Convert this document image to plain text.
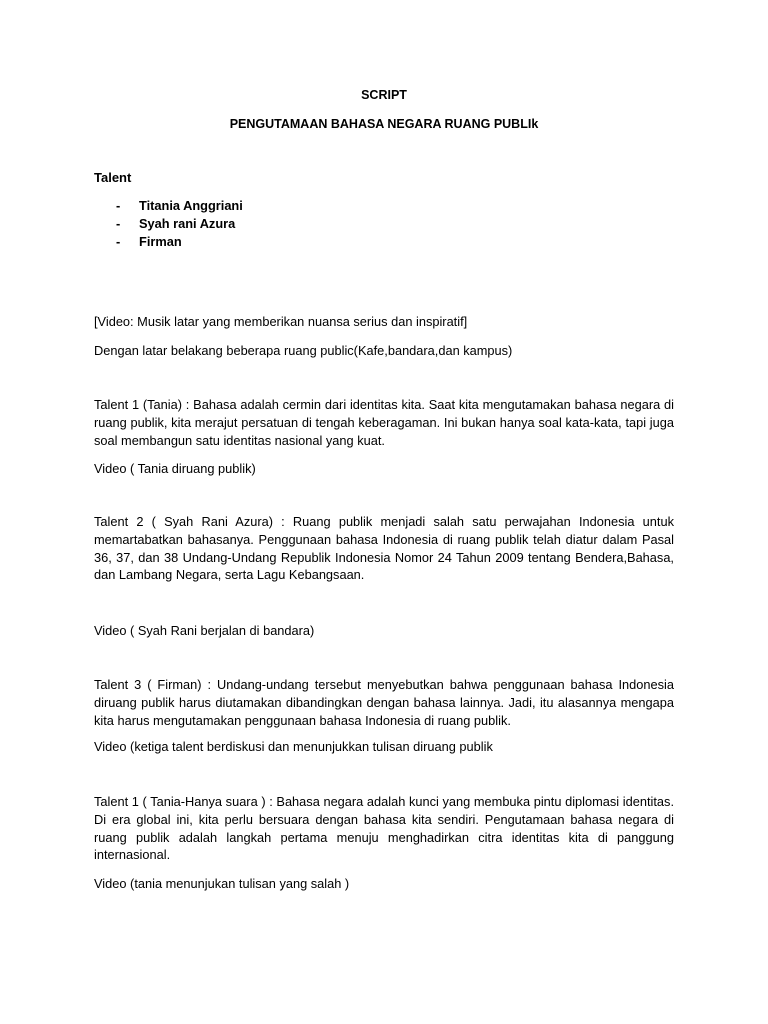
SCRIPT
PENGUTAMAAN BAHASA NEGARA RUANG PUBLIk
Talent
- Titania Anggriani
- Syah rani Azura
- Firman
[Video: Musik latar yang memberikan nuansa serius dan inspiratif]
Dengan latar belakang beberapa ruang public(Kafe,bandara,dan kampus)
Talent 1 (Tania) : Bahasa adalah cermin dari identitas kita. Saat kita mengutamakan bahasa negara di ruang publik, kita merajut persatuan di tengah keberagaman. Ini bukan hanya soal kata-kata, tapi juga soal membangun satu identitas nasional yang kuat.
Video ( Tania diruang publik)
Talent 2 ( Syah Rani Azura) : Ruang publik menjadi salah satu perwajahan Indonesia untuk memartabatkan bahasanya. Penggunaan bahasa Indonesia di ruang publik telah diatur dalam Pasal 36, 37, dan 38 Undang-Undang Republik Indonesia Nomor 24 Tahun 2009 tentang Bendera,Bahasa, dan Lambang Negara, serta Lagu Kebangsaan.
Video ( Syah Rani berjalan di bandara)
Talent 3 ( Firman) : Undang-undang tersebut menyebutkan bahwa penggunaan bahasa Indonesia diruang publik harus diutamakan dibandingkan dengan bahasa lainnya. Jadi, itu alasannya mengapa kita harus mengutamakan penggunaan bahasa Indonesia di ruang publik.
Video (ketiga talent berdiskusi dan menunjukkan tulisan diruang publik
Talent 1 ( Tania-Hanya suara ) : Bahasa negara adalah kunci yang membuka pintu diplomasi identitas. Di era global ini, kita perlu bersuara dengan bahasa kita sendiri. Pengutamaan bahasa negara di ruang publik adalah langkah pertama menuju menghadirkan citra identitas kita di panggung internasional.
Video (tania menunjukan tulisan yang salah )
